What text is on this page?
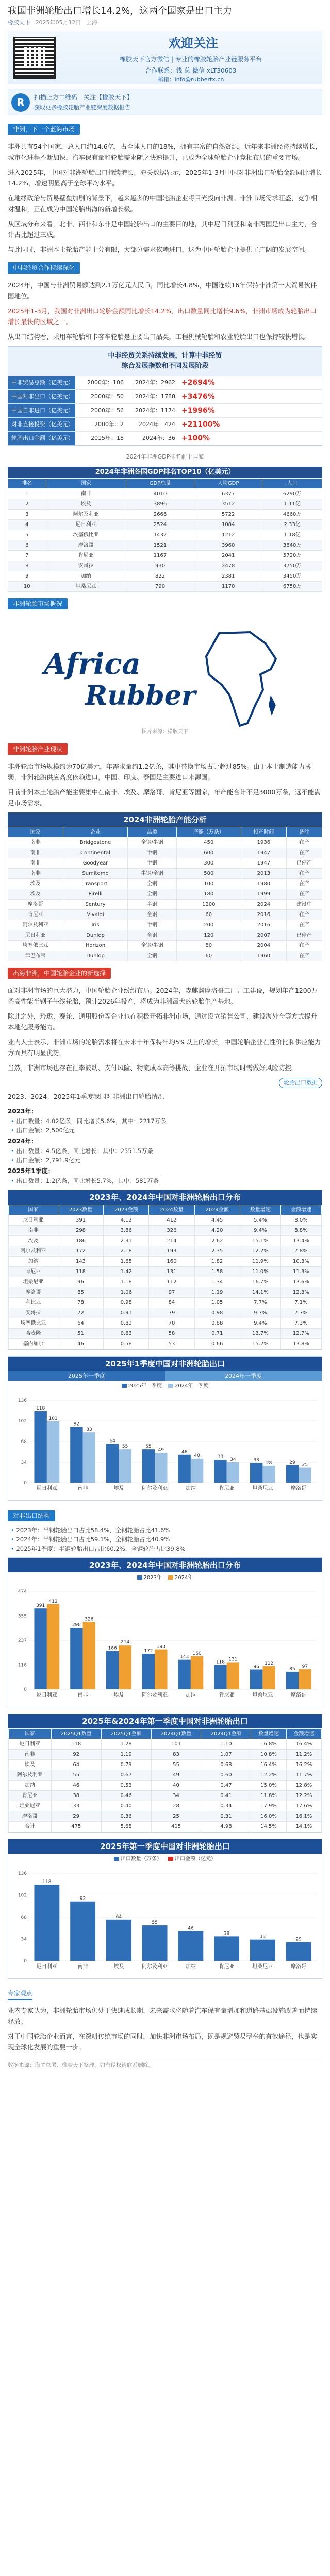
我国非洲轮胎出口增长14.2%，这两个国家是出口主力
橡胶天下 2025年05月12日 上海
欢迎关注
橡胶天下官方微信 | 专业的橡胶轮胎产业链服务平台
合作联系：钱 总 微信 xLT30603
邮箱：info@rubbertx.cn
R	扫描上方二维码　关注【橡胶天下】
获取更多橡胶轮胎产业链深度数据报告
非洲，下一个蓝海市场

非洲共有54个国家，总人口约14.6亿，占全球人口的18%，拥有丰富的自然资源。近年来非洲经济持续增长，城市化进程不断加快，汽车保有量和轮胎需求随之快速提升，已成为全球轮胎企业竞相布局的重要市场。

进入2025年，中国对非洲轮胎出口持续增长。海关数据显示，2025年1-3月中国对非洲出口轮胎金额同比增长14.2%，增速明显高于全球平均水平。

在地缘政治与贸易壁垒加剧的背景下，越来越多的中国轮胎企业将目光投向非洲。非洲市场需求旺盛，竞争相对温和，正在成为中国轮胎出海的新增长极。

从区域分布来看，北非、西非和东非是中国轮胎出口的主要目的地，其中尼日利亚和南非两国是出口主力，合计占比超过三成。

与此同时，非洲本土轮胎产能十分有限，大部分需求依赖进口，这为中国轮胎企业提供了广阔的发展空间。

中非经贸合作持续深化

2024年，中国与非洲贸易额达到2.1万亿元人民币，同比增长4.8%，中国连续16年保持非洲第一大贸易伙伴国地位。

2025年1-3月，我国对非洲出口轮胎金额同比增长14.2%，出口数量同比增长9.6%，非洲市场成为轮胎出口增长最快的区域之一。

从出口结构看，乘用车轮胎和卡客车轮胎是主要出口品类，工程机械轮胎和农业轮胎出口也保持较快增长。

中非经贸关系持续发展，计算中非经贸
综合发展指数和不同发展阶段
中非贸易总额（亿美元）	2000年：106	2024年：2962 +2694%
中国对非出口（亿美元）	2000年：50	2024年：1788 +3476%
中国自非进口（亿美元）	2000年：56	2024年：1174 +1996%
对非直接投资（亿美元）	2000年：2	2024年：424 +21100%
轮胎出口金额（亿美元）	2015年：18	2024年：36 +100%
2024年非洲GDP排名前十国家
2024年非洲各国GDP排名TOP10（亿美元）
排名	国家	GDP总量	人均GDP	人口
1	南非	4010	6377	6290万
2	埃及	3896	3512	1.11亿
3	阿尔及利亚	2666	5722	4660万
4	尼日利亚	2524	1084	2.33亿
5	埃塞俄比亚	1432	1212	1.18亿
6	摩洛哥	1521	3960	3840万
7	肯尼亚	1167	2041	5720万
8	安哥拉	930	2478	3750万
9	加纳	822	2381	3450万
10	坦桑尼亚	790	1170	6750万
非洲轮胎市场概况
Africa
Rubber
图片来源：橡胶天下
非洲轮胎产业现状

非洲轮胎市场规模约为70亿美元，年需求量约1.2亿条，其中替换市场占比超过85%。由于本土制造能力薄弱，非洲轮胎供应高度依赖进口，中国、印度、泰国是主要进口来源国。

目前非洲本土轮胎产能主要集中在南非、埃及、摩洛哥、肯尼亚等国家，年产能合计不足3000万条，远不能满足市场需求。

2024非洲轮胎产能分析
国家	企业	品类	产能（万条）	投产时间	备注
南非	Bridgestone	全钢/半钢	450	1936	在产
南非	Continental	半钢	600	1947	在产
南非	Goodyear	半钢	300	1947	已停产
南非	Sumitomo	半钢/全钢	500	2013	在产
埃及	Transport	全钢	100	1980	在产
埃及	Pirelli	全钢	180	1999	在产
摩洛哥	Sentury	半钢	1200	2024	建设中
肯尼亚	Vivaldi	全钢	60	2016	在产
阿尔及利亚	Iris	半钢	200	2016	在产
尼日利亚	Dunlop	全钢	120	2007	已停产
埃塞俄比亚	Horizon	全钢/半钢	80	2004	在产
津巴布韦	Dunlop	全钢	60	1960	在产
出海非洲，中国轮胎企业的新选择

面对非洲市场的巨大潜力，中国轮胎企业纷纷布局。2024年，森麒麟摩洛哥工厂开工建设，规划年产1200万条高性能半钢子午线轮胎，预计2026年投产，将成为非洲最大的轮胎生产基地。

除此之外，玲珑、赛轮、通用股份等企业也在积极开拓非洲市场，通过设立销售公司、建设海外仓等方式提升本地化服务能力。

业内人士表示，非洲市场的轮胎需求将在未来十年保持年均5%以上的增长，中国轮胎企业在性价比和供应能力方面具有明显优势。

当然，非洲市场也存在汇率波动、支付风险、物流成本高等挑战，企业在开拓市场时需做好风险防控。

轮胎出口数据

2023、2024、2025年1季度我国对非洲出口轮胎情况

2023年：
• 出口数量：4.02亿条，同比增长5.6%，其中：2217万条
• 出口金额：2,500亿元
2024年：
• 出口数量：4.5亿条，同比增长：其中：2551.5万条
• 出口金额：2,791.9亿元
2025年1季度：
• 出口数量：1.2亿条，同比增长5.7%，其中：581万条
2023年、2024年中国对非洲轮胎出口分布
国家	2023数量	2023金额	2024数量	2024金额	数量增速	金额增速
尼日利亚	391	4.12	412	4.45	5.4%	8.0%
南非	298	3.86	326	4.20	9.4%	8.8%
埃及	186	2.31	214	2.62	15.1%	13.4%
阿尔及利亚	172	2.18	193	2.35	12.2%	7.8%
加纳	143	1.65	160	1.82	11.9%	10.3%
肯尼亚	118	1.42	131	1.58	11.0%	11.3%
坦桑尼亚	96	1.18	112	1.34	16.7%	13.6%
摩洛哥	85	1.06	97	1.19	14.1%	12.3%
利比亚	78	0.98	84	1.05	7.7%	7.1%
安哥拉	72	0.91	79	0.98	9.7%	7.7%
埃塞俄比亚	64	0.82	70	0.88	9.4%	7.3%
喀麦隆	51	0.63	58	0.71	13.7%	12.7%
塞内加尔	46	0.58	53	0.66	15.2%	13.8%
2025年1季度中国对非洲轮胎出口
2025年一季度	2024年一季度
2025年一季度	2024年一季度
0
34
68
102
136
118
101
尼日利亚
92
83
南非
64
55
埃及
55
49
阿尔及利亚
46
40
加纳
38 34
肯尼亚
33
28
坦桑尼亚
29 25
摩洛哥
对非出口结构
• 2023年：半钢轮胎出口占比58.4%，全钢轮胎占比41.6%
• 2024年：半钢轮胎出口占比59.1%，全钢轮胎占比40.9%
• 2025年1季度：半钢轮胎出口占比60.2%，全钢轮胎占比39.8%
2023年、2024年中国对非洲轮胎出口分布
2023年	2024年
0
118
237
355
474
391
412
尼日利亚
298
326
南非
186
214
埃及
172
193
阿尔及利亚
143
160
加纳
118
131
肯尼亚
96
112
坦桑尼亚
85 97
摩洛哥
2025年&2024年第一季度中国对非洲轮胎出口
国家	2025Q1数量	2025Q1金额	2024Q1数量	2024Q1金额	数量增速	金额增速
尼日利亚	118	1.28	101	1.10	16.8%	16.4%
南非	92	1.19	83	1.07	10.8%	11.2%
埃及	64	0.79	55	0.68	16.4%	16.2%
阿尔及利亚	55	0.67	49	0.60	12.2%	11.7%
加纳	46	0.53	40	0.47	15.0%	12.8%
肯尼亚	38	0.46	34	0.41	11.8%	12.2%
坦桑尼亚	33	0.40	28	0.34	17.9%	17.6%
摩洛哥	29	0.36	25	0.31	16.0%	16.1%
合计	475	5.68	415	4.98	14.5%	14.1%
2025年第一季度中国对非洲轮胎出口
出口数量（万条）	出口金额（亿元）
0
34
68
102
136
118
尼日利亚
92
南非
64
埃及
55
阿尔及利亚
46
加纳
38
肯尼亚
33
坦桑尼亚
29
摩洛哥
专家观点

业内专家认为，非洲轮胎市场仍处于快速成长期，未来需求将随着汽车保有量增加和道路基础设施改善而持续释放。

对于中国轮胎企业而言，在深耕传统市场的同时，加快非洲市场布局，既是规避贸易壁垒的有效途径，也是实现全球化发展的重要一步。

数据来源：海关总署、橡胶天下整理。如有侵权请联系删除。
